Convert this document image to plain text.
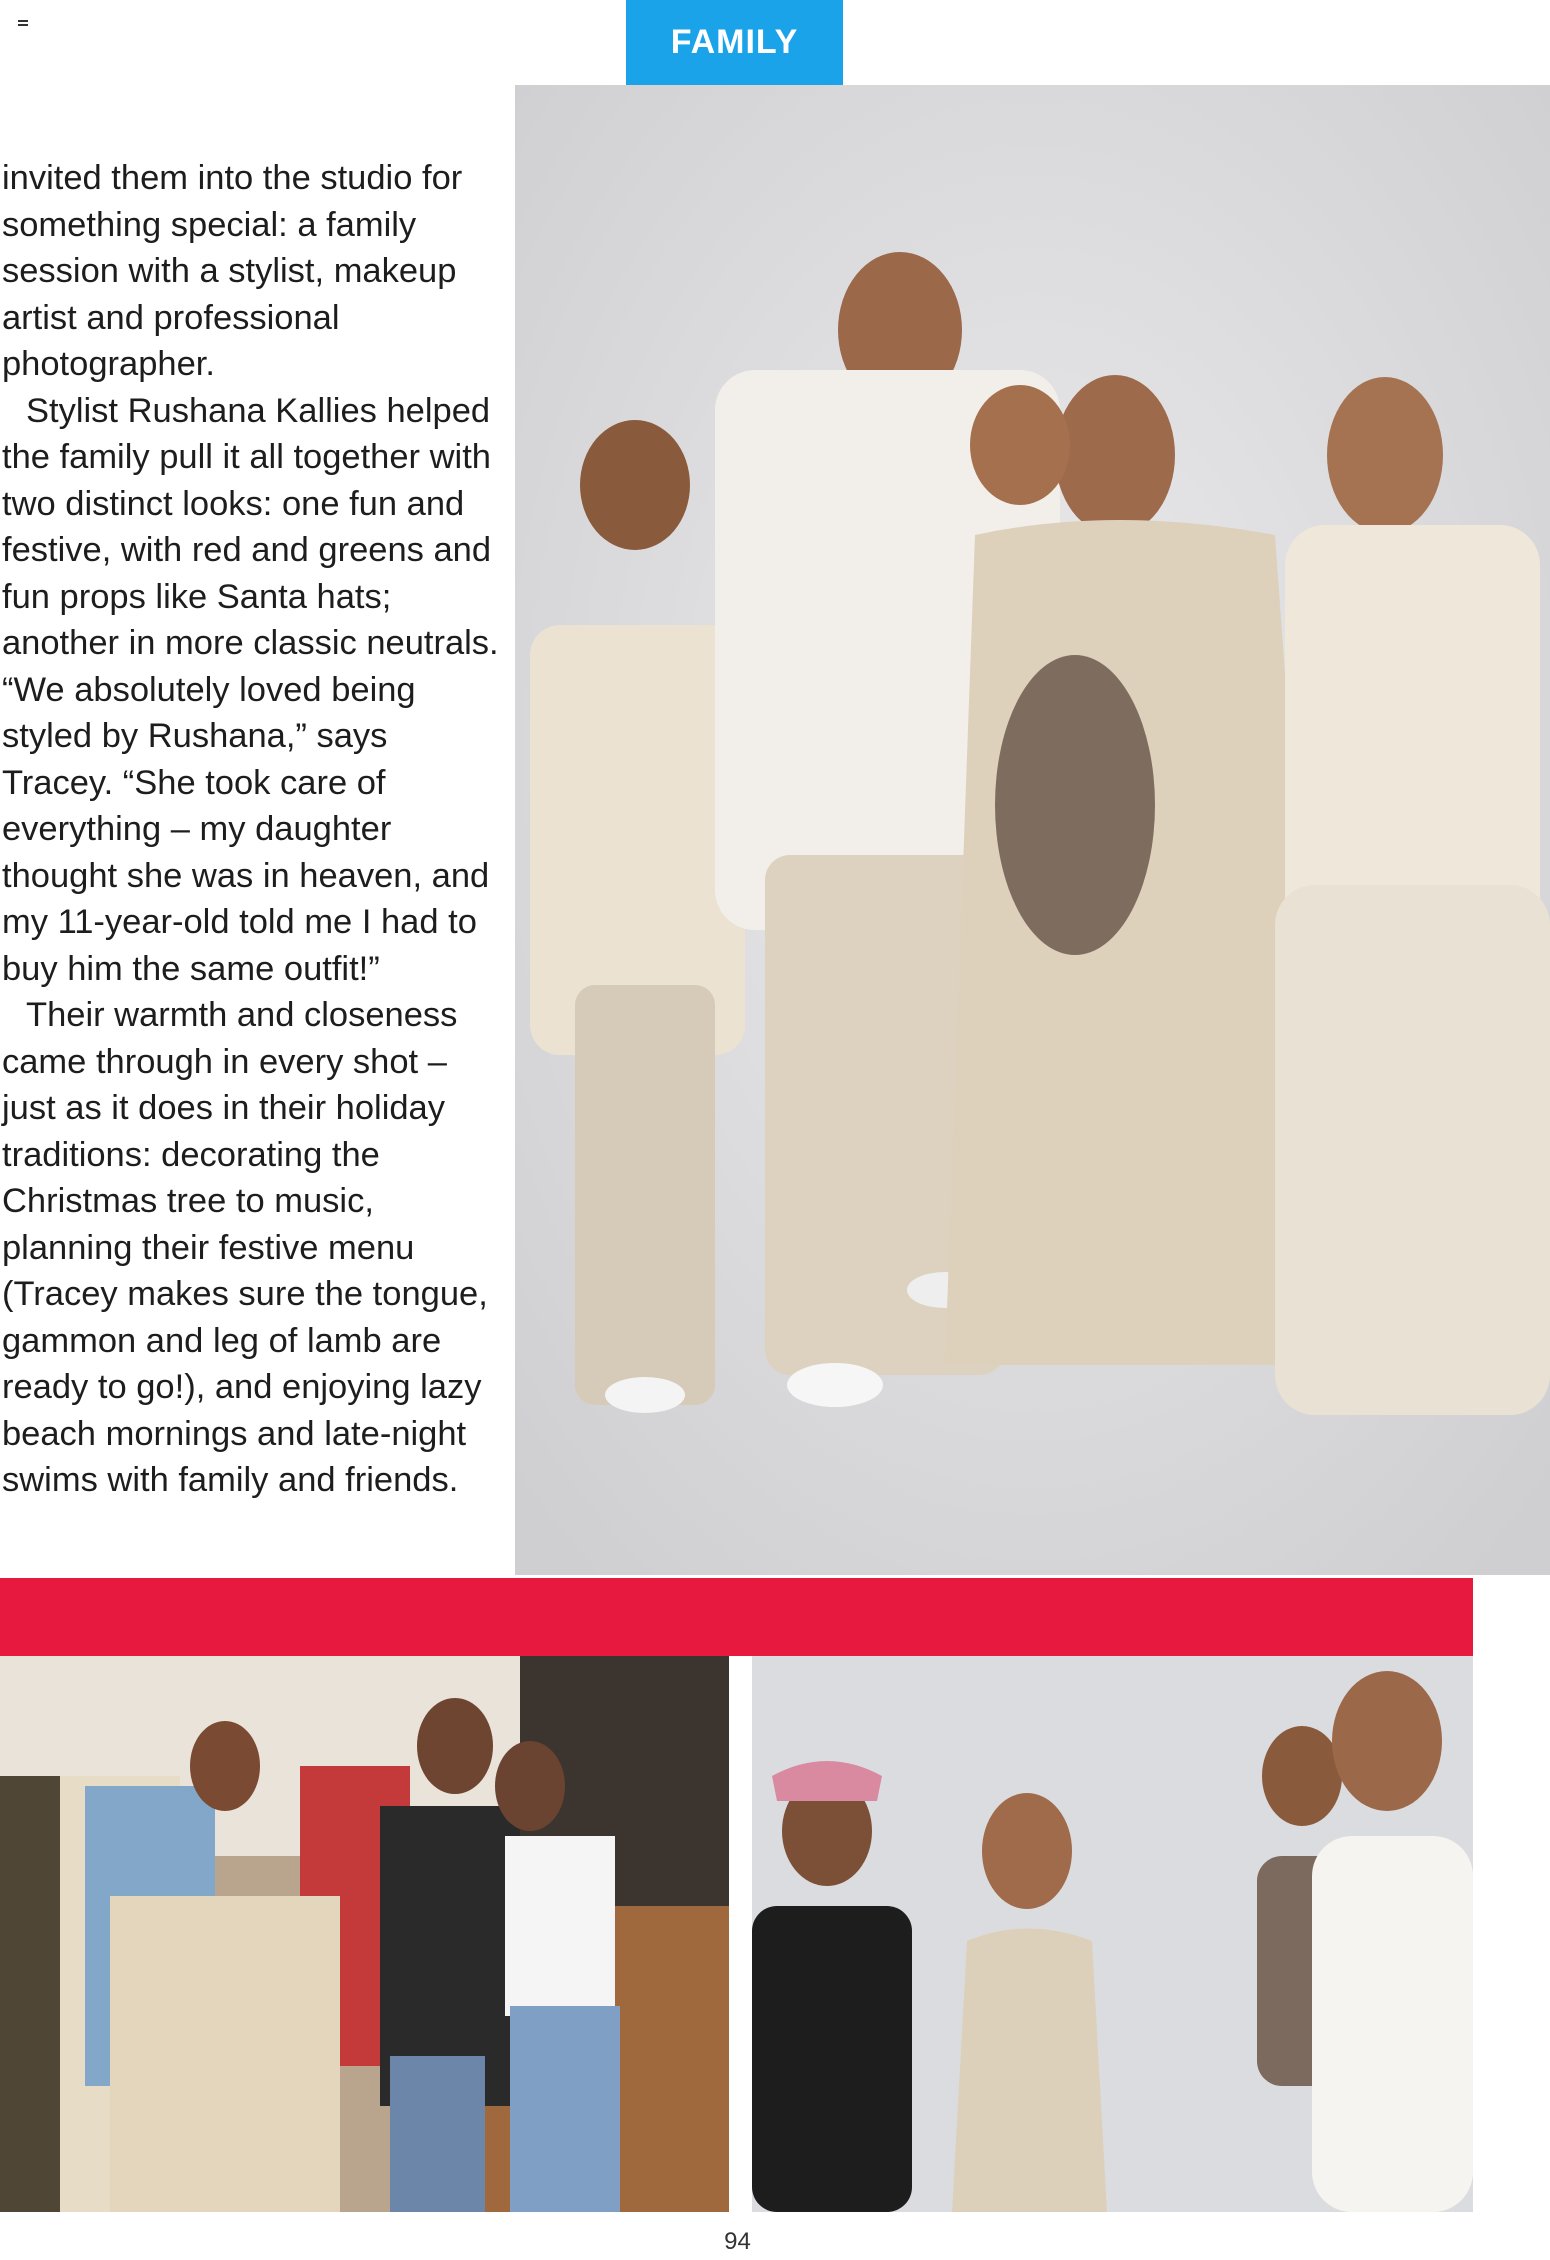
FAMILY

invited them into the studio for something special: a family session with a stylist, makeup artist and professional photographer.

Stylist Rushana Kallies helped the family pull it all together with two distinct looks: one fun and festive, with red and greens and fun props like Santa hats; another in more classic neutrals. “We absolutely loved being styled by Rushana,” says Tracey. “She took care of everything – my daughter thought she was in heaven, and my 11-year-old told me I had to buy him the same outfit!”

Their warmth and closeness came through in every shot – just as it does in their holiday traditions: decorating the Christmas tree to music, planning their festive menu (Tracey makes sure the tongue, gammon and leg of lamb are ready to go!), and enjoying lazy beach mornings and late-night swims with family and friends.

94
